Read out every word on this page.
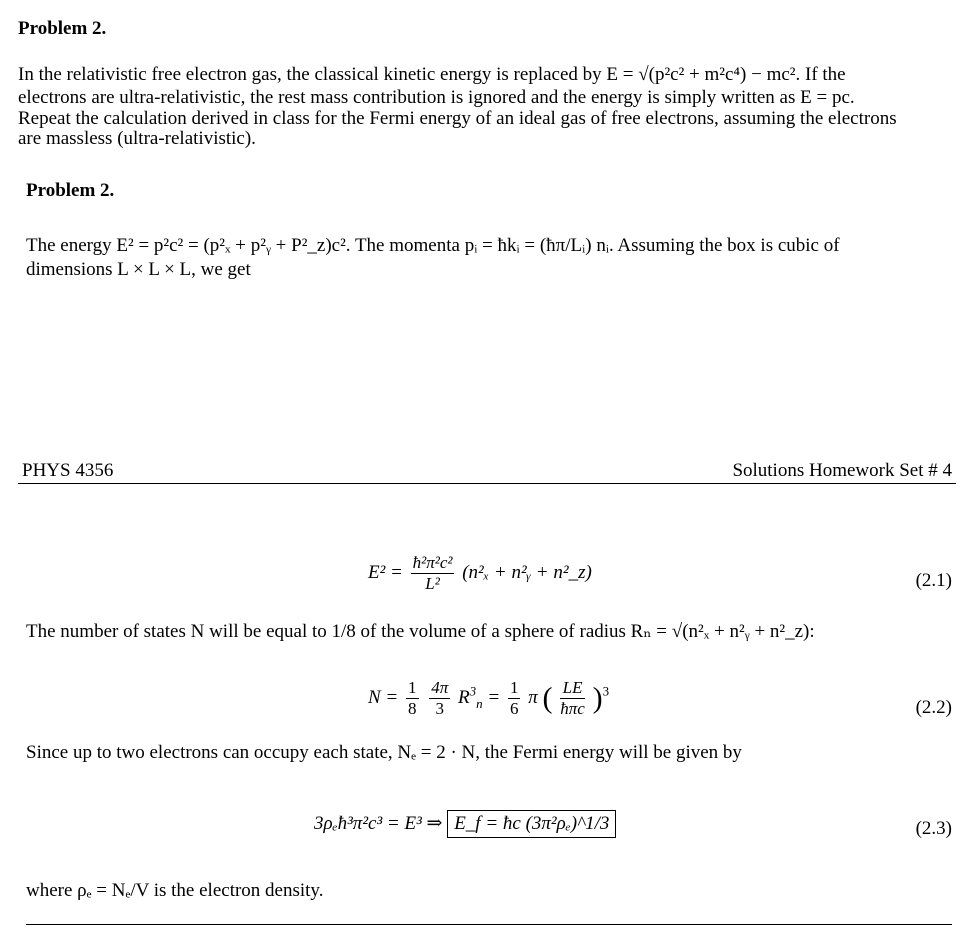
Problem 2.
In the relativistic free electron gas, the classical kinetic energy is replaced by E = √(p²c² + m²c⁴) − mc². If the
electrons are ultra-relativistic, the rest mass contribution is ignored and the energy is simply written as E = pc.
Repeat the calculation derived in class for the Fermi energy of an ideal gas of free electrons, assuming the electrons
are massless (ultra-relativistic).
Problem 2.
The energy E² = p²c² = (p²ₓ + p²ᵧ + P²_z)c². The momenta pᵢ = ħkᵢ = (ħπ/Lᵢ) nᵢ. Assuming the box is cubic of
dimensions L × L × L, we get
PHYS 4356	Solutions Homework Set # 4
$E^2 = \frac{\text{ħ²π²c²}}{\text{L²}} (n^2_x$ + n²ᵧ + n²_z)	(2.1)
The number of states N will be equal to 1/8 of the volume of a sphere of radius Rₙ = √(n²ₓ + n²ᵧ + n²_z):
$N = \frac{1}{8}$
$\frac{4\pi}{3} R^3_n = \frac{1}{6}$ π ( $\frac{LE}{\text{ħπc}} )^3$
(2.2)
Since up to two electrons can occupy each state, Nₑ = 2 · N, the Fermi energy will be given by
3ρₑħ³π²c³ = E³ ⇒ E_f = ħc (3π²ρₑ)^1/3	(2.3)
where ρₑ = Nₑ/V is the electron density.
